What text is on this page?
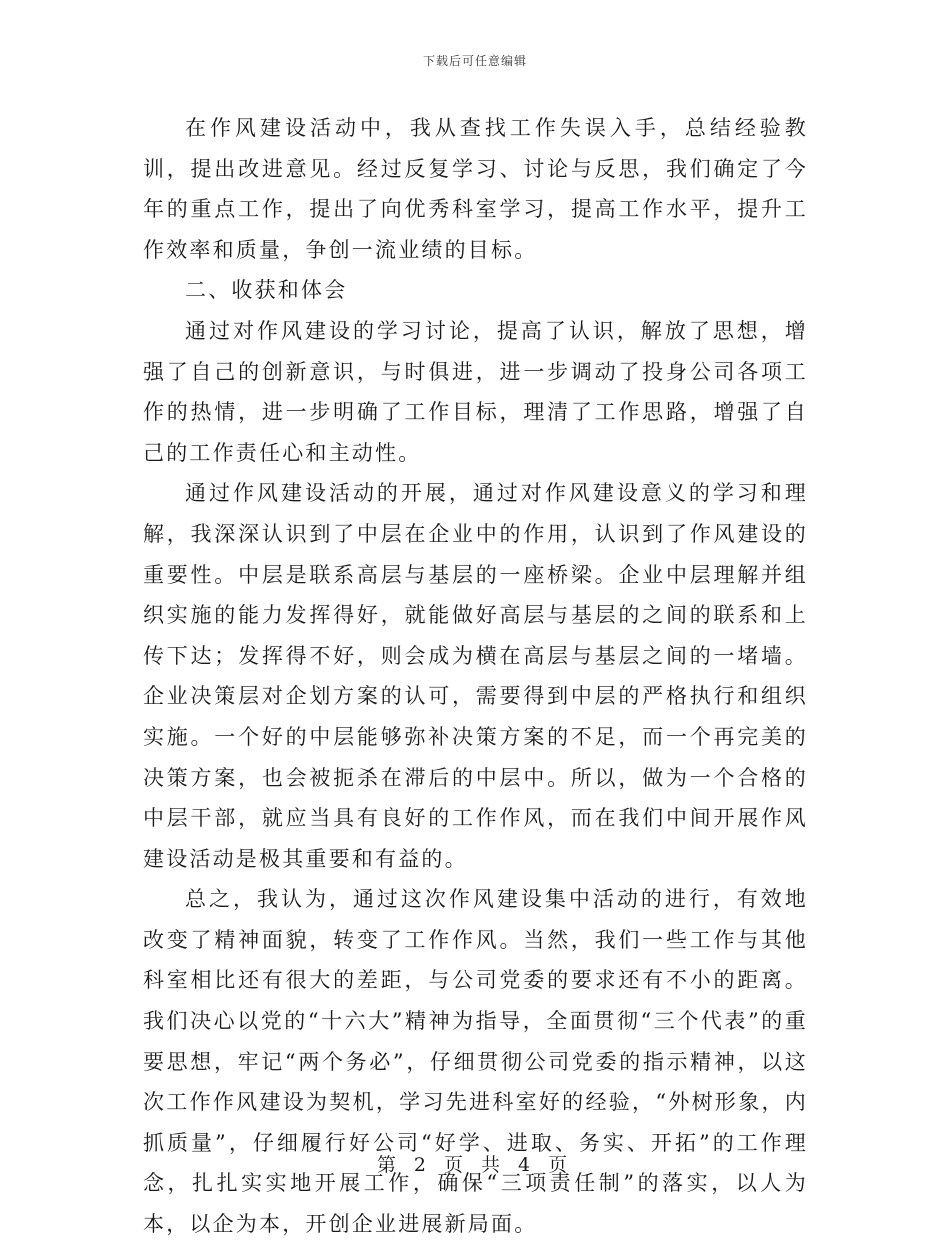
下载后可任意编辑

在作风建设活动中，我从查找工作失误入手，总结经验教训，提出改进意见。经过反复学习、讨论与反思，我们确定了今年的重点工作，提出了向优秀科室学习，提高工作水平，提升工作效率和质量，争创一流业绩的目标。

二、收获和体会

通过对作风建设的学习讨论，提高了认识，解放了思想，增强了自己的创新意识，与时俱进，进一步调动了投身公司各项工作的热情，进一步明确了工作目标，理清了工作思路，增强了自己的工作责任心和主动性。

通过作风建设活动的开展，通过对作风建设意义的学习和理解，我深深认识到了中层在企业中的作用，认识到了作风建设的重要性。中层是联系高层与基层的一座桥梁。企业中层理解并组织实施的能力发挥得好，就能做好高层与基层的之间的联系和上传下达；发挥得不好，则会成为横在高层与基层之间的一堵墙。企业决策层对企划方案的认可，需要得到中层的严格执行和组织实施。一个好的中层能够弥补决策方案的不足，而一个再完美的决策方案，也会被扼杀在滞后的中层中。所以，做为一个合格的中层干部，就应当具有良好的工作作风，而在我们中间开展作风建设活动是极其重要和有益的。

总之，我认为，通过这次作风建设集中活动的进行，有效地改变了精神面貌，转变了工作作风。当然，我们一些工作与其他科室相比还有很大的差距，与公司党委的要求还有不小的距离。我们决心以党的“十六大”精神为指导，全面贯彻“三个代表”的重要思想，牢记“两个务必”，仔细贯彻公司党委的指示精神，以这次工作作风建设为契机，学习先进科室好的经验，“外树形象，内抓质量”，仔细履行好公司“好学、进取、务实、开拓”的工作理念，扎扎实实地开展工作，确保“三项责任制”的落实，以人为本，以企为本，开创企业进展新局面。

第 2 页 共 4 页
